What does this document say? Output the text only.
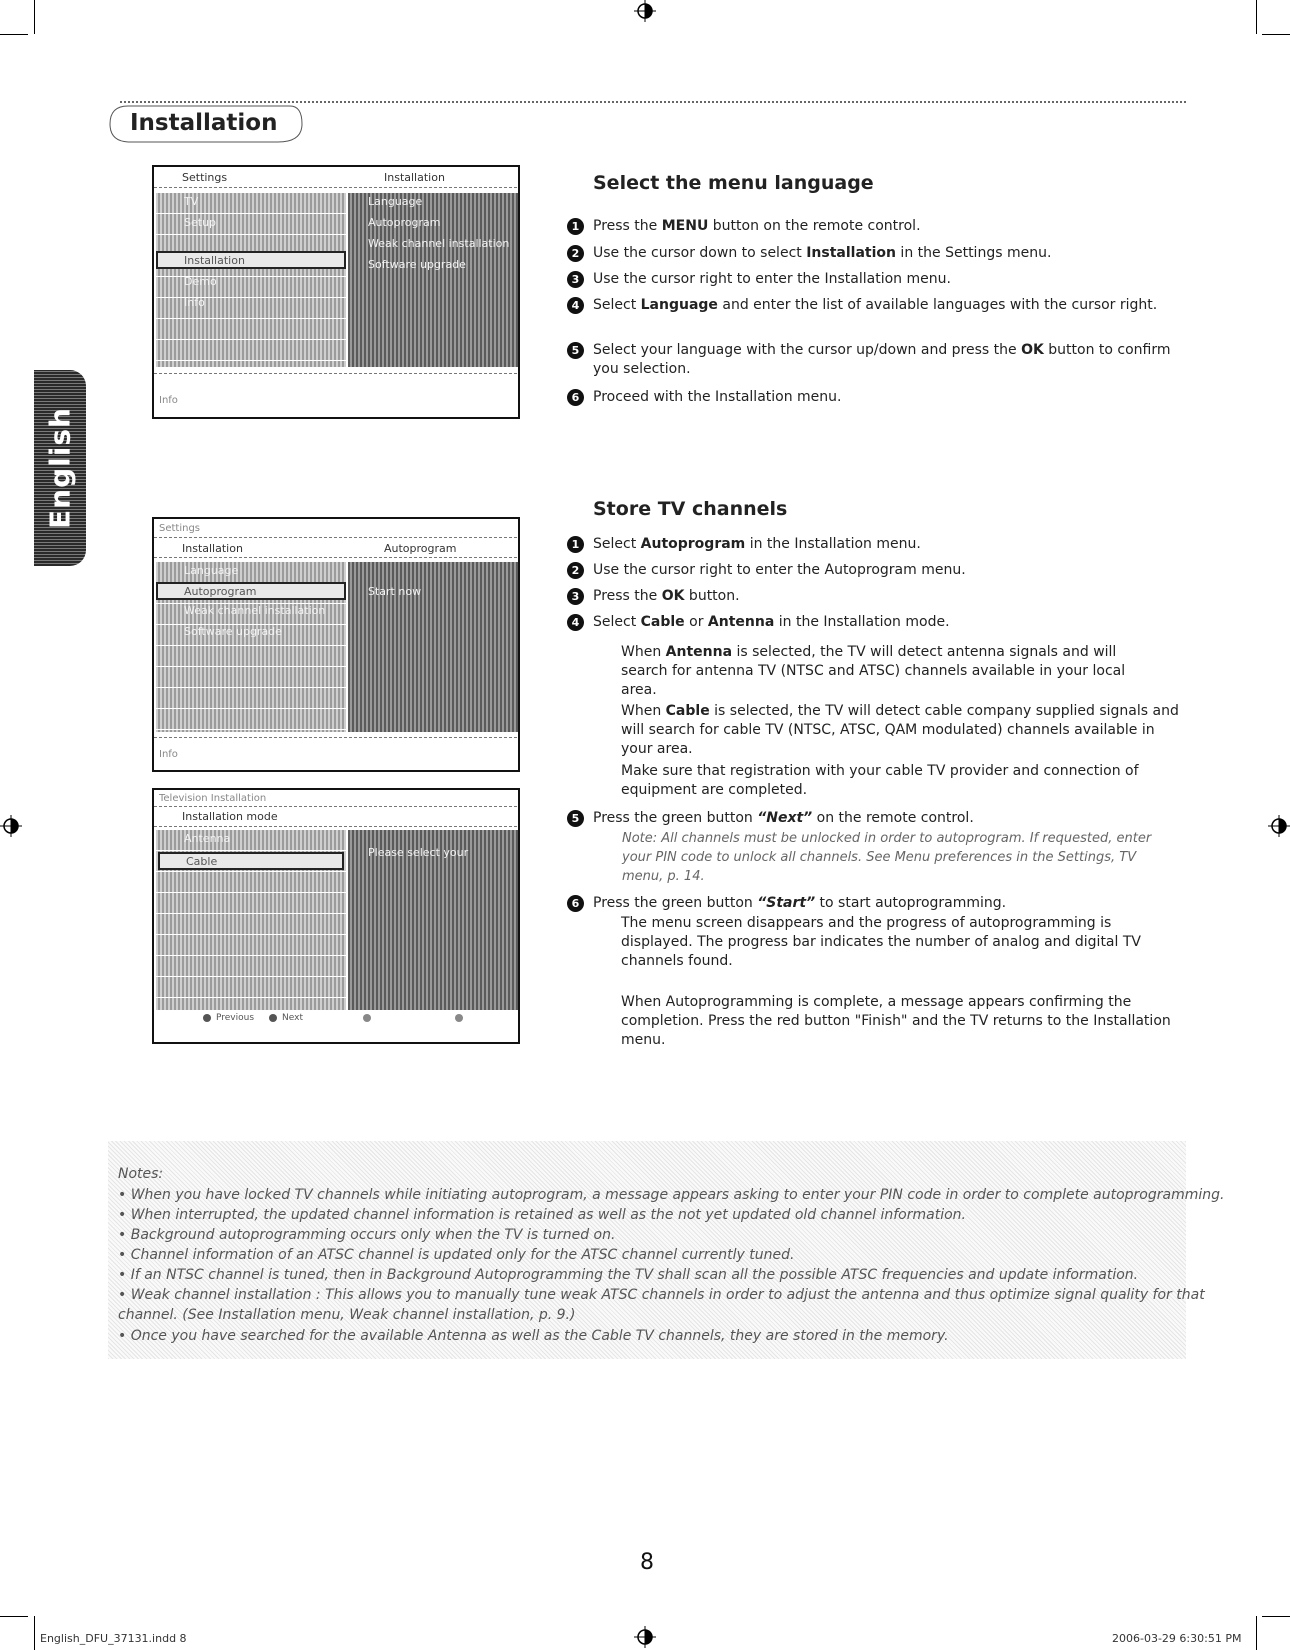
Installation
English
Settings	Installation
TV
Setup
Installation
Demo
Info
Language
Autoprogram
Weak channel installation
Software upgrade
Info
Settings
Installation	Autoprogram
Language
Autoprogram
Weak channel installation
Software upgrade
Start now
Info
Television Installation
Installation mode
Antenna
Cable
Please select your
Previous	Next
Select the menu language
1 Press the MENU button on the remote control.
2 Use the cursor down to select Installation in the Settings menu.
3 Use the cursor right to enter the Installation menu.
4 Select Language and enter the list of available languages with the cursor right.
5 Select your language with the cursor up/down and press the OK button to confirm you selection.
6 Proceed with the Installation menu.
Store TV channels
1 Select Autoprogram in the Installation menu.
2 Use the cursor right to enter the Autoprogram menu.
3 Press the OK button.
4 Select Cable or Antenna in the Installation mode.
When Antenna is selected, the TV will detect antenna signals and will search for antenna TV (NTSC and ATSC) channels available in your local area.
When Cable is selected, the TV will detect cable company supplied signals and will search for cable TV (NTSC, ATSC, QAM modulated) channels available in your area.
Make sure that registration with your cable TV provider and connection of equipment are completed.
5 Press the green button “Next” on the remote control.
Note: All channels must be unlocked in order to autoprogram. If requested, enter your PIN code to unlock all channels. See Menu preferences in the Settings, TV menu, p. 14.
6 Press the green button “Start” to start autoprogramming.
The menu screen disappears and the progress of autoprogramming is displayed. The progress bar indicates the number of analog and digital TV channels found.
When Autoprogramming is complete, a message appears confirming the completion. Press the red button "Finish" and the TV returns to the Installation menu.
Notes:
• When you have locked TV channels while initiating autoprogram, a message appears asking to enter your PIN code in order to complete autoprogramming.
• When interrupted, the updated channel information is retained as well as the not yet updated old channel information.
• Background autoprogramming occurs only when the TV is turned on.
• Channel information of an ATSC channel is updated only for the ATSC channel currently tuned.
• If an NTSC channel is tuned, then in Background Autoprogramming the TV shall scan all the possible ATSC frequencies and update information.
• Weak channel installation : This allows you to manually tune weak ATSC channels in order to adjust the antenna and thus optimize signal quality for that
channel. (See Installation menu, Weak channel installation, p. 9.)
• Once you have searched for the available Antenna as well as the Cable TV channels, they are stored in the memory.
8
English_DFU_37131.indd 8	2006-03-29 6:30:51 PM
